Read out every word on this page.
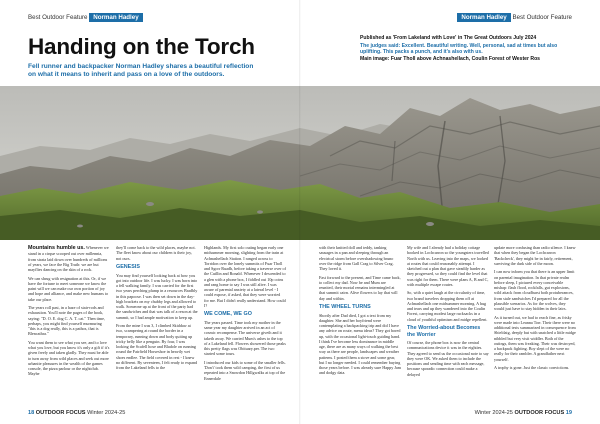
Best Outdoor Feature Norman Hadley	Norman Hadley Best Outdoor Feature
Handing on the Torch

Fell runner and backpacker Norman Hadley shares a beautiful reflection on what it means to inherit and pass on a love of the outdoors.

Published as 'From Lakeland with Love' in The Great Outdoors July 2024
The judges said: Excellent. Beautiful writing. Well, personal, sad at times but also uplifting. This packs a punch, and it's also with us.
Main image: Fuar Tholl above Achnashellach, Coulin Forest of Wester Ros

Mountains humble us. Whenever we stand in a cirque scooped out over millennia, from strata laid down over hundreds of millions of years, we face the Big Truth: we are but mayflies dancing on the skin of a rock.

We can shrug with resignation at this. Or, if we have the fortune to meet someone we know the paint will we can make our own portion of joy and hope and alliance, and make new humans to take our place.

The years roll past, in a haze of stair-rods and exhaustion. You'll note the pages of the book, saying: "D. O. E. dog C. A. T. cat." Then time, perhaps, you might find yourself murmuring "this is a dog really, this is a pathos, that is Blencathra."

You want them to see what you see, and to love what you love, but you know it's only a gift if it's given freely and taken gladly. They must be able to turn away from wild places and seek out more urbanite pleasures in the wealth of the games console, the pizza parlour or the nightclub. Maybe

they'll come back to the wild places, maybe not. The fleet know about our children is their joy, not ours.

GENESIS

You may find yourself looking back at how you got into outdoor life. I was lucky. I was born into a fell walking family. I was carried for the first two years perching plump in a resources Bradbly in this papoose. I was then set down in the day-high brackets on my chubby legs and allowed to walk. Someone up at the front of the party had the sandwiches and that was talk of a reson at the summit, so I had ample motivation to keep up.

From the mine I was 3, I climbed Skiddaw at two, scampering at round the border in a temporary, running down and body quiting up tricky belly like a penguin. By four, I was looking the Scafell hose and Bladole on running round the Fairfield Horseshoe in heavily wet shoes endlee. The field covered in rest - I knew no different. By seventeen, I felt ready to expand from the Lakeland fells to the

Highlands. My first solo outing began early one midsummer morning, slighting from the train at Achnashellach Station. I ranged across to Torridon over the lonely summits of Fuar Tholl and Sgorr Ruadh, before taking a traverse over of the Cuillin and Ronald. Whenever I descended to a glen with a phone box, I fiddled out 10p coins and rang home to say I was still alive. I was aware of parental anxiety at a lateral level - I could expose, if asked, that they were worried for me. But I didn't really understand. How could I?

WE COME, WE GO

The years passed. Time took my mother in the same year my daughter arrived in an act of cosmic recompense. The universe giveth and it taketh away. We carried Mum's ashes to the top of a Lakeland fell. Flowers showered those peaks this pretty flags was Obituary.per. The two started some tours.

I introduced our kids to some of the smaller fells. 'Don't' took them wild camping, the first of us repeated into a Snowdon Hillgwalks at top of the Ennerdale

with their knitted doll and teddy, tanking sausages in a pan and sleeping through an electrical storm before overshadowing bruno over the ridge from Gall Crag to Silver Crag. They loved it.

Fast forward to the present, and Time came back, to collect my dad. Now he and Mum are reunited, their mortal remains intermingled at that summit cairn. Alive flowers to lay that will day and within.

THE WHEEL TURNS

Shortly after Dad died, I got a text from my daughter. She and her boyfriend were contemplating a backpacking trip and did I have any advice on route, menu ideas? They got bored up, with the occasional light-touch guiding hand. I think I've become less dominance in middle age, there are as many ways of walking the best way as there are people, landscapes and weather patterns. I posted them a stove and some gear, but I no longer needed. I could remember buying those years before. I was already sure Happy Jam and dodgy data.

My wife and I already had a holiday cottage booked in Lochcarron so the youngsters travelled North with us. Leaving into the maps, we looked at routes that could reasonably attempt. I sketched out a plan that gave steadily harder as they progressed, so they could find the level that was right for them. There were plans A, B and C, with multiple escape routes.

So, with a quiet laugh at the circularity of time, two brand travelers dropping them off at Achnashellach one midsummer morning. A hug and tears and up they wandered into the Coulin Forest, carrying modest large rucksacks in a cloud of youthful optimism and midge repellent.

The Worried-about Becomes the Worrier

Of course, the phone box is now the central communications device it was in the eighties. They agreed to send us the occasional note to say they were OK. We asked them to include the positions and sending time with each message, because sporadic connection could make a delayed

update more confusing than radio silence. I knew that when they began the Lochcarron 'Backcheck', they might be in fairly, retirement, surviving the dark side of the moon.

I can now inform you that there is an upper limit on parental imagination. In that private realm before sleep, I pictured every conceivable mishap: flash flood, rockfalls, gut explosions, wild attack from cloudburst both protuberances, from stale sandwiches I'd prepared for all the plausible scenarios. As for the wolves, they would just have to stay hidden in their lairs.

As it turned out, we had to reach fine, as frisky were made into Leanna Torr. Their there were no additional tests summarized in consequence from Shieldaig, deeply but with snatched a little midge nibbled but very visit widdler. Both of the outings, them was freaking. Their was destroyed, a backpack fighting. Boy slept of the were no really for their rambler. A grandfather next yourself.

A trophy is gone. Just the classic convictions.

18 OUTDOOR FOCUS Winter 2024-25	Winter 2024-25 OUTDOOR FOCUS 19
